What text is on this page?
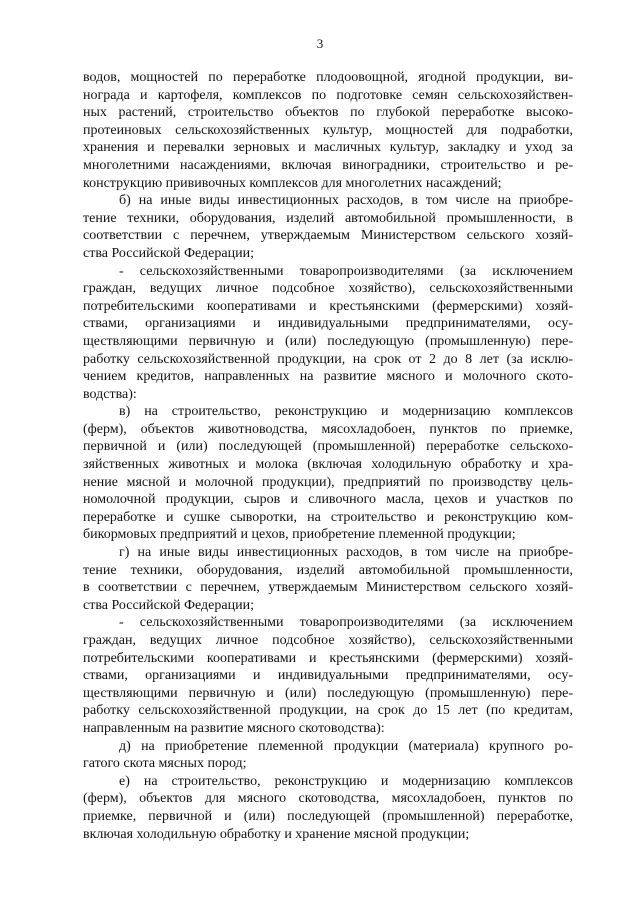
3
водов, мощностей по переработке плодоовощной, ягодной продукции, ви-
нограда и картофеля, комплексов по подготовке семян сельскохозяйствен-
ных растений, строительство объектов по глубокой переработке высоко-
протеиновых сельскохозяйственных культур, мощностей для подработки,
хранения и перевалки зерновых и масличных культур, закладку и уход за
многолетними насаждениями, включая виноградники, строительство и ре-
конструкцию прививочных комплексов для многолетних насаждений;
б) на иные виды инвестиционных расходов, в том числе на приобре-
тение техники, оборудования, изделий автомобильной промышленности, в
соответствии с перечнем, утверждаемым Министерством сельского хозяй-
ства Российской Федерации;
- сельскохозяйственными товаропроизводителями (за исключением
граждан, ведущих личное подсобное хозяйство), сельскохозяйственными
потребительскими кооперативами и крестьянскими (фермерскими) хозяй-
ствами, организациями и индивидуальными предпринимателями, осу-
ществляющими первичную и (или) последующую (промышленную) пере-
работку сельскохозяйственной продукции, на срок от 2 до 8 лет (за исклю-
чением кредитов, направленных на развитие мясного и молочного ското-
водства):
в) на строительство, реконструкцию и модернизацию комплексов
(ферм), объектов животноводства, мясохладобоен, пунктов по приемке,
первичной и (или) последующей (промышленной) переработке сельскохо-
зяйственных животных и молока (включая холодильную обработку и хра-
нение мясной и молочной продукции), предприятий по производству цель-
номолочной продукции, сыров и сливочного масла, цехов и участков по
переработке и сушке сыворотки, на строительство и реконструкцию ком-
бикормовых предприятий и цехов, приобретение племенной продукции;
г) на иные виды инвестиционных расходов, в том числе на приобре-
тение техники, оборудования, изделий автомобильной промышленности,
в соответствии с перечнем, утверждаемым Министерством сельского хозяй-
ства Российской Федерации;
- сельскохозяйственными товаропроизводителями (за исключением
граждан, ведущих личное подсобное хозяйство), сельскохозяйственными
потребительскими кооперативами и крестьянскими (фермерскими) хозяй-
ствами, организациями и индивидуальными предпринимателями, осу-
ществляющими первичную и (или) последующую (промышленную) пере-
работку сельскохозяйственной продукции, на срок до 15 лет (по кредитам,
направленным на развитие мясного скотоводства):
д) на приобретение племенной продукции (материала) крупного ро-
гатого скота мясных пород;
е) на строительство, реконструкцию и модернизацию комплексов
(ферм), объектов для мясного скотоводства, мясохладобоен, пунктов по
приемке, первичной и (или) последующей (промышленной) переработке,
включая холодильную обработку и хранение мясной продукции;
